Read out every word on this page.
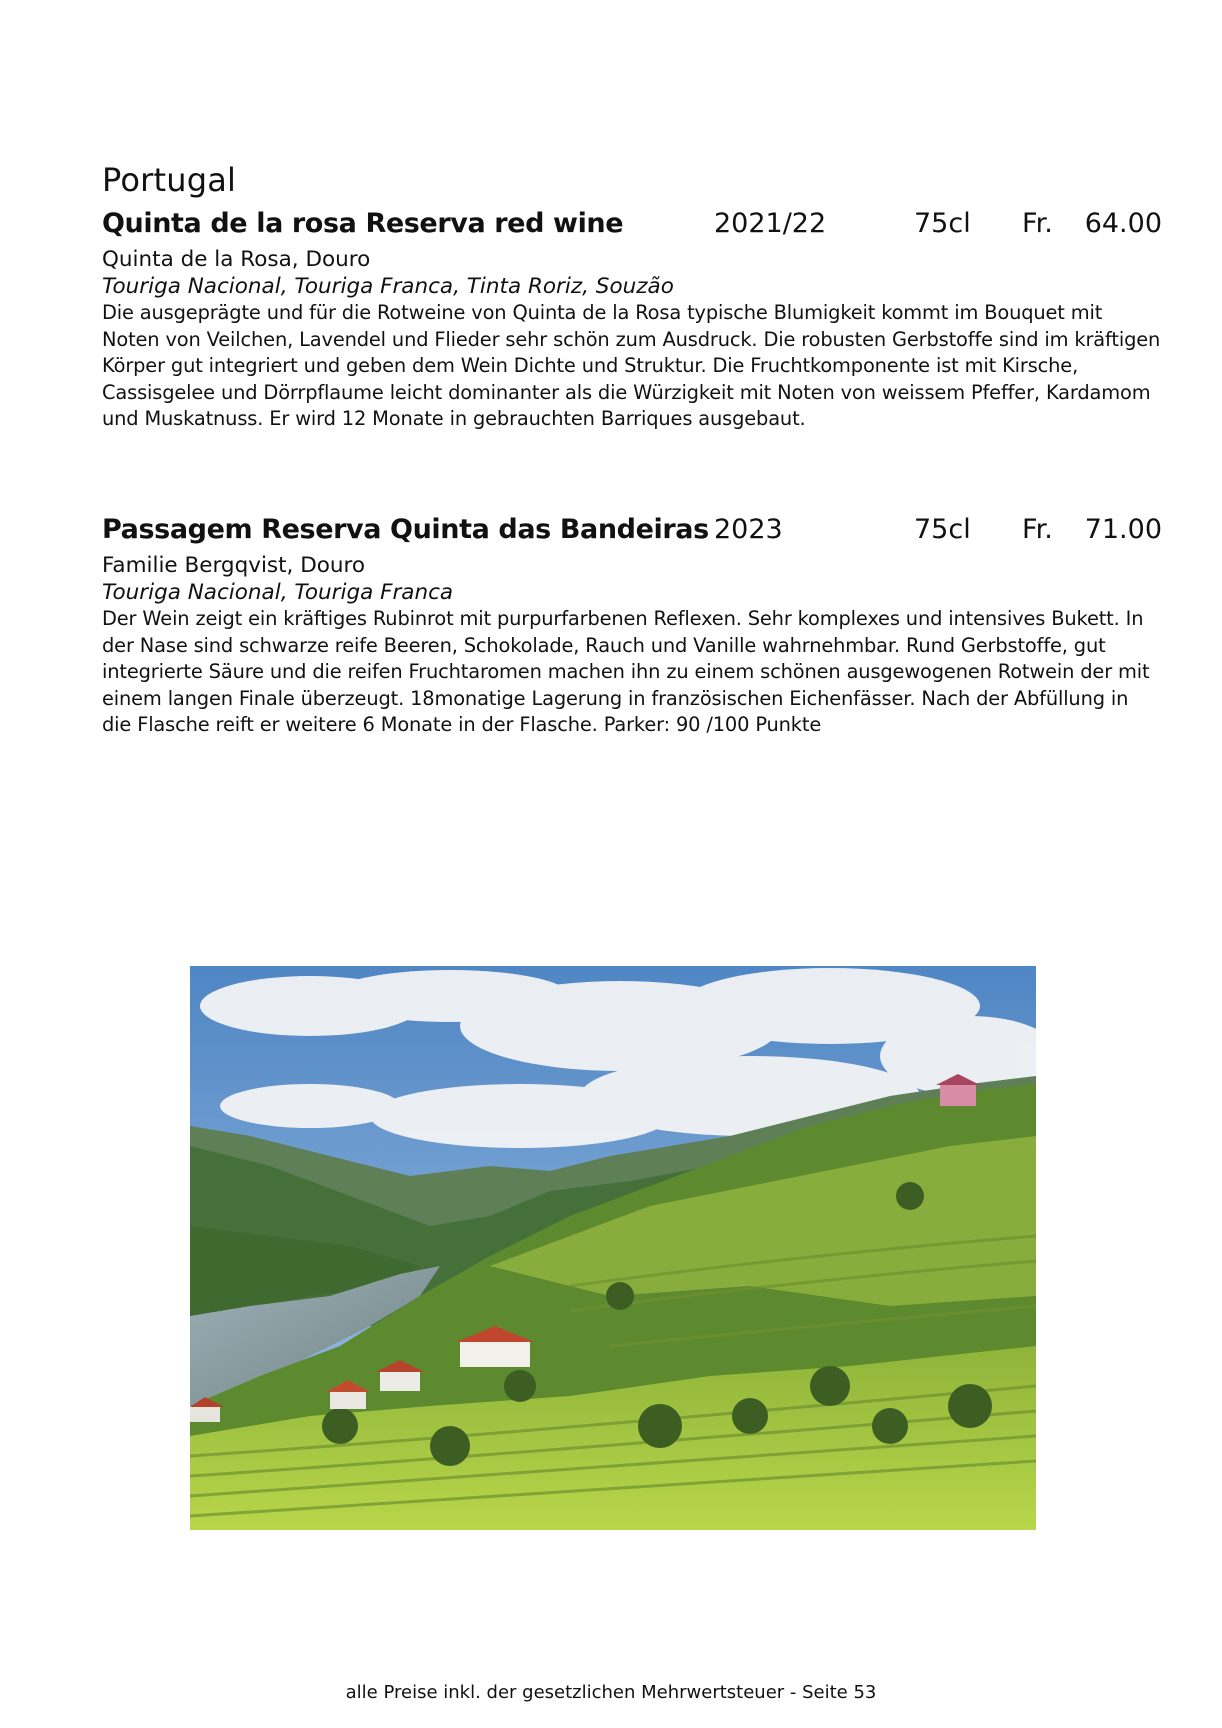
Portugal
Quinta de la rosa Reserva red wine	2021/22	75cl Fr. 64.00
Quinta de la Rosa, Douro
Touriga Nacional, Touriga Franca, Tinta Roriz, Souzão

Die ausgeprägte und für die Rotweine von Quinta de la Rosa typische Blumigkeit kommt im Bouquet mit Noten von Veilchen, Lavendel und Flieder sehr schön zum Ausdruck. Die robusten Gerbstoffe sind im kräftigen Körper gut integriert und geben dem Wein Dichte und Struktur. Die Fruchtkomponente ist mit Kirsche, Cassisgelee und Dörrpflaume leicht dominanter als die Würzigkeit mit Noten von weissem Pfeffer, Kardamom und Muskatnuss. Er wird 12 Monate in gebrauchten Barriques ausgebaut.

Passagem Reserva Quinta das Bandeiras 2023	75cl Fr. 71.00
Familie Bergqvist, Douro
Touriga Nacional, Touriga Franca

Der Wein zeigt ein kräftiges Rubinrot mit purpurfarbenen Reflexen. Sehr komplexes und intensives Bukett. In der Nase sind schwarze reife Beeren, Schokolade, Rauch und Vanille wahrnehmbar. Rund Gerbstoffe, gut integrierte Säure und die reifen Fruchtaromen machen ihn zu einem schönen ausgewogenen Rotwein der mit einem langen Finale überzeugt. 18monatige Lagerung in französischen Eichenfässer. Nach der Abfüllung in die Flasche reift er weitere 6 Monate in der Flasche. Parker: 90 /100 Punkte

alle Preise inkl. der gesetzlichen Mehrwertsteuer - Seite 53
